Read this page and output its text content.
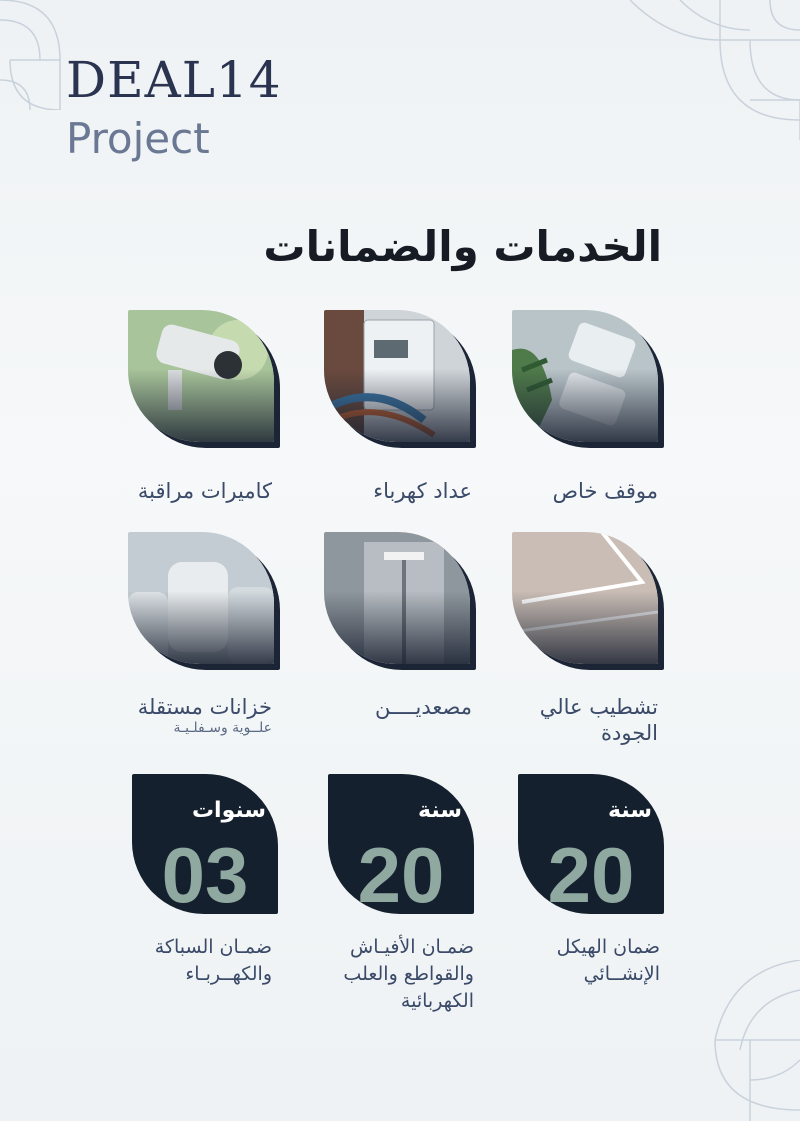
DEAL14
Project
الخدمات والضمانات
موقف خاص
عداد كهرباء
كاميرات مراقبة
تشطيب عالي الجودة
مصعديــــن
خزانات مستقلة
علــوية وسـفلـيـة
سنة
20
ضمان الهيكل الإنشــائي
سنة
20
ضمـان الأفيـاش والقواطع والعلب الكهربائية
سنوات
03
ضمـان السباكة والكهــربـاء
